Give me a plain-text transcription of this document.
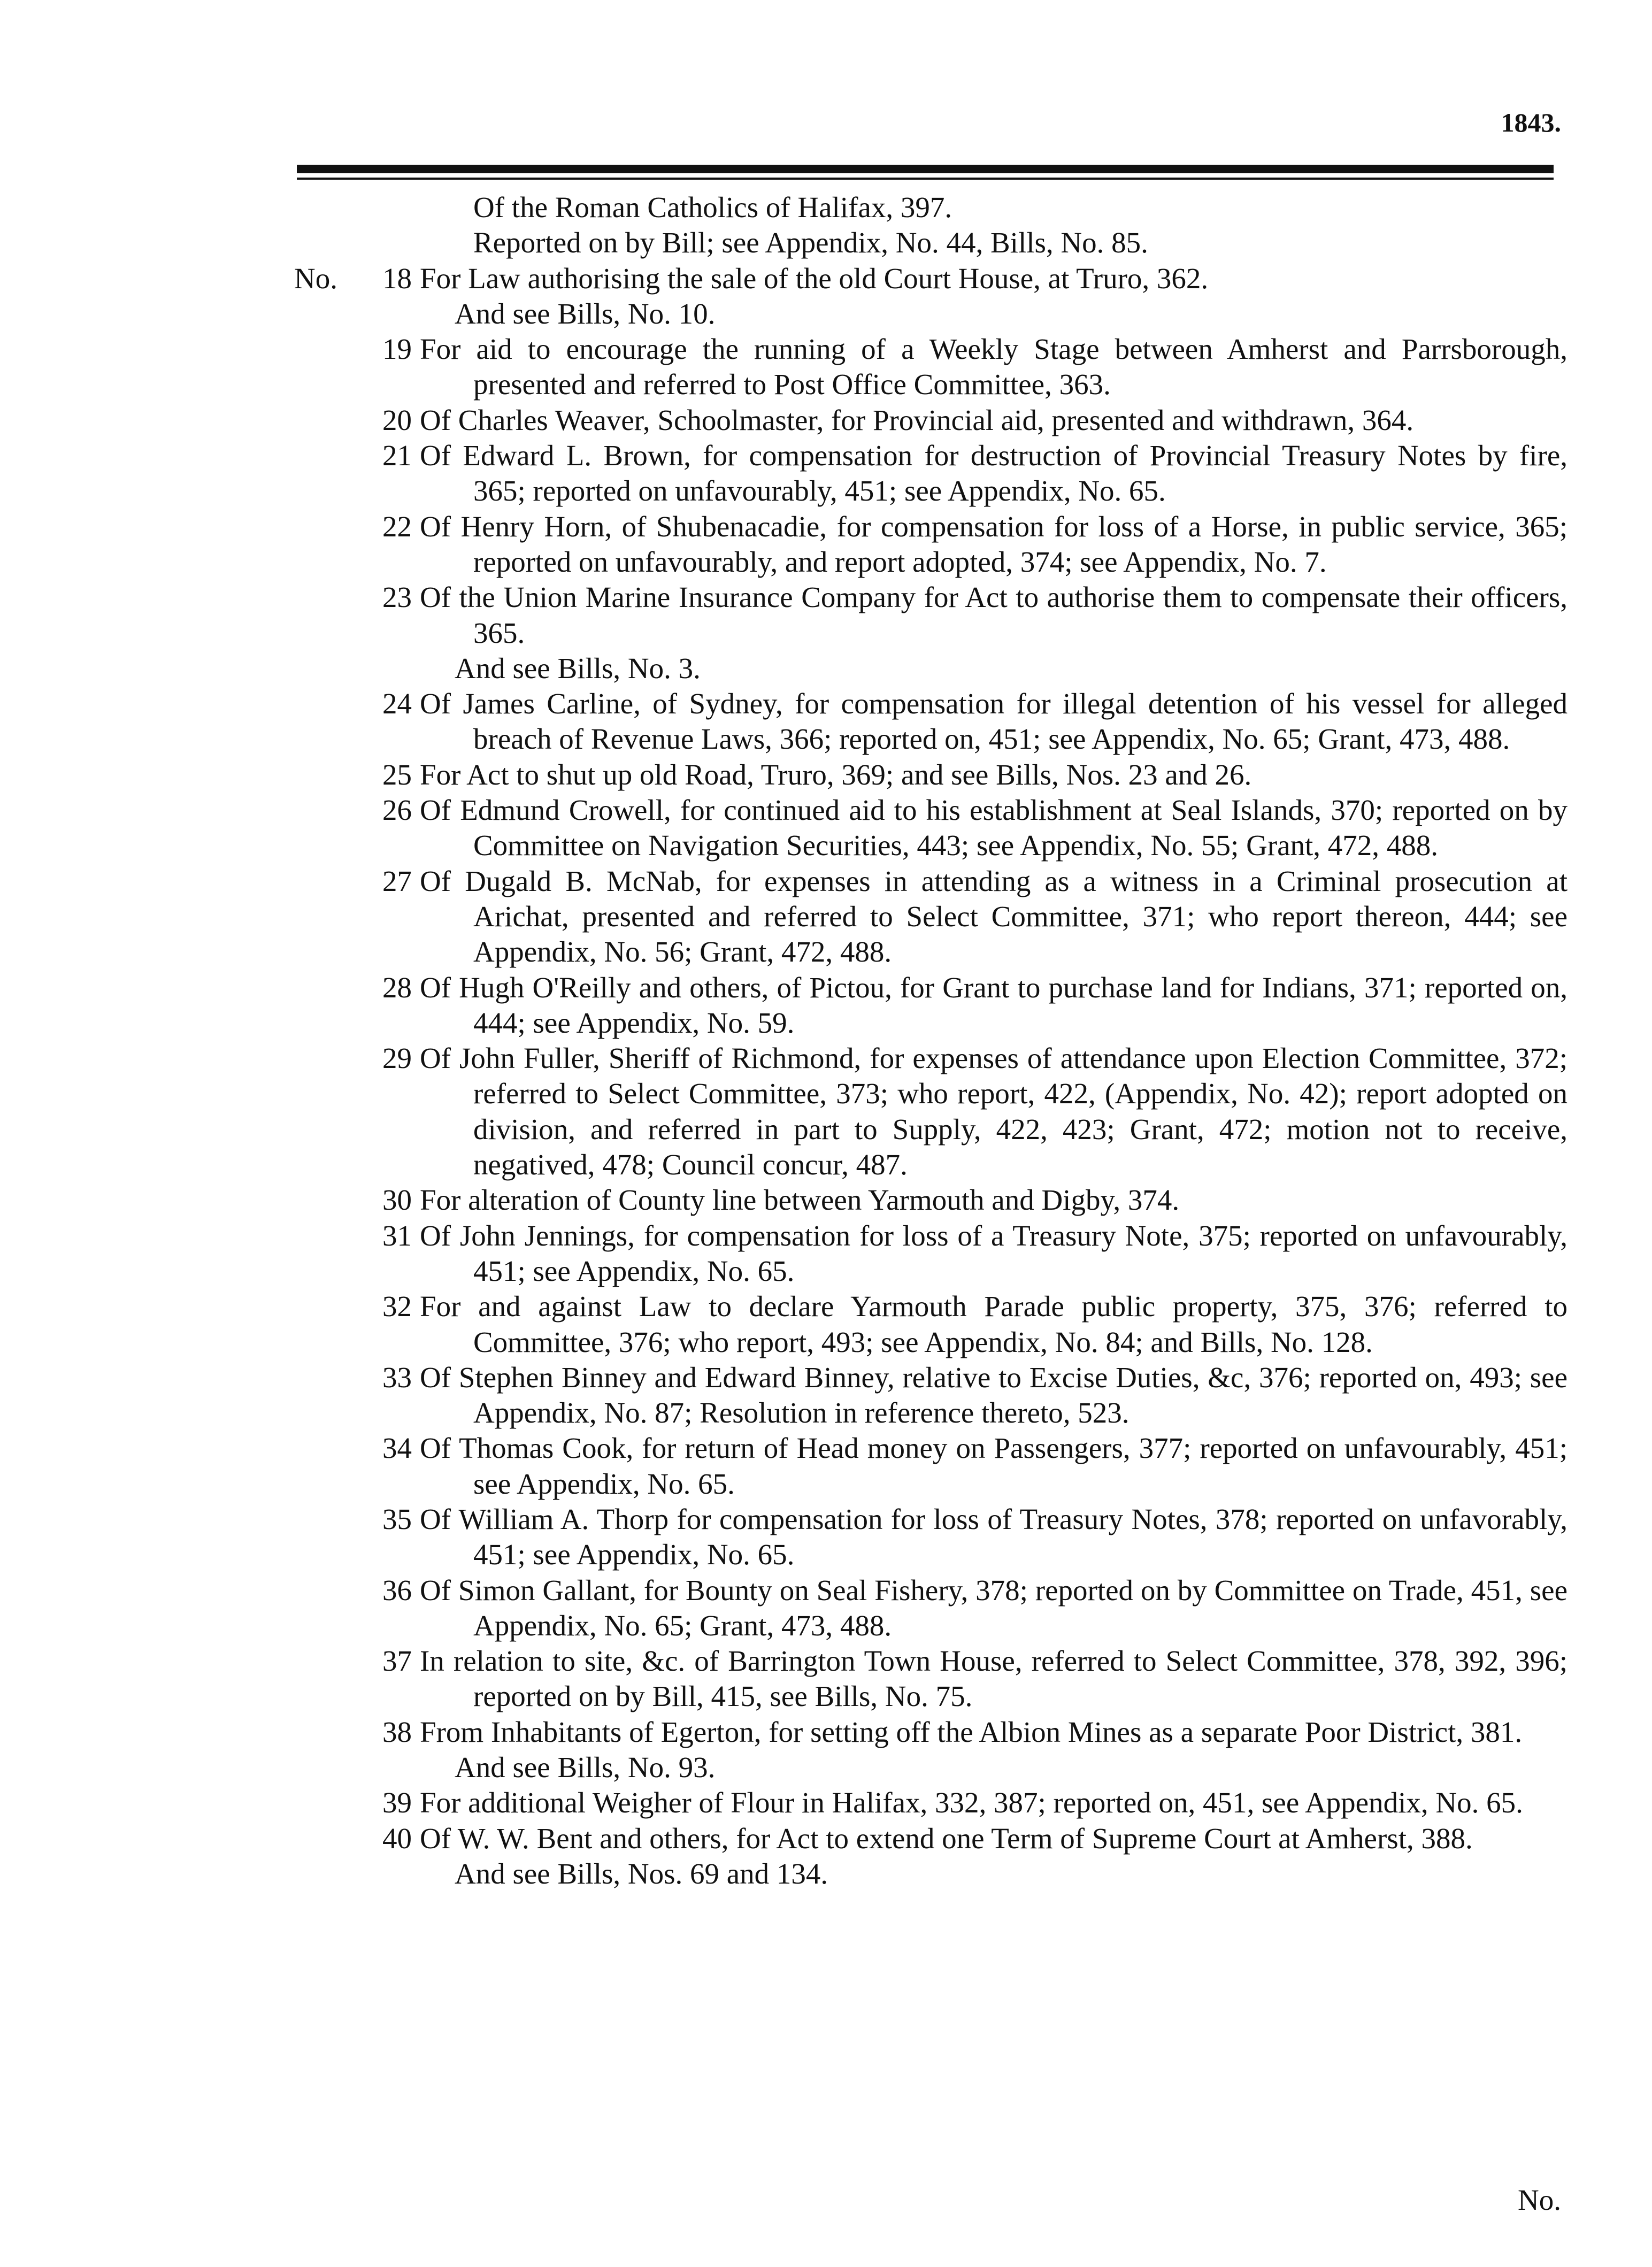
1843.
Of the Roman Catholics of Halifax, 397.
Reported on by Bill; see Appendix, No. 44, Bills, No. 85.
No.	18 For Law authorising the sale of the old Court House, at Truro, 362.
And see Bills, No. 10.
19 For aid to encourage the running of a Weekly Stage between Amherst and Parrsborough, presented and referred to Post Office Committee, 363.
20 Of Charles Weaver, Schoolmaster, for Provincial aid, presented and withdrawn, 364.
21 Of Edward L. Brown, for compensation for destruction of Provincial Treasury Notes by fire, 365; reported on unfavourably, 451; see Appendix, No. 65.
22 Of Henry Horn, of Shubenacadie, for compensation for loss of a Horse, in public service, 365; reported on unfavourably, and report adopted, 374; see Appendix, No. 7.
23 Of the Union Marine Insurance Company for Act to authorise them to compensate their officers, 365.
And see Bills, No. 3.
24 Of James Carline, of Sydney, for compensation for illegal detention of his vessel for alleged breach of Revenue Laws, 366; reported on, 451; see Appendix, No. 65; Grant, 473, 488.
25 For Act to shut up old Road, Truro, 369; and see Bills, Nos. 23 and 26.
26 Of Edmund Crowell, for continued aid to his establishment at Seal Islands, 370; reported on by Committee on Navigation Securities, 443; see Appendix, No. 55; Grant, 472, 488.
27 Of Dugald B. McNab, for expenses in attending as a witness in a Criminal prosecution at Arichat, presented and referred to Select Committee, 371; who report thereon, 444; see Appendix, No. 56; Grant, 472, 488.
28 Of Hugh O'Reilly and others, of Pictou, for Grant to purchase land for Indians, 371; reported on, 444; see Appendix, No. 59.
29 Of John Fuller, Sheriff of Richmond, for expenses of attendance upon Election Committee, 372; referred to Select Committee, 373; who report, 422, (Appendix, No. 42); report adopted on division, and referred in part to Supply, 422, 423; Grant, 472; motion not to receive, negatived, 478; Council concur, 487.
30 For alteration of County line between Yarmouth and Digby, 374.
31 Of John Jennings, for compensation for loss of a Treasury Note, 375; reported on unfavourably, 451; see Appendix, No. 65.
32 For and against Law to declare Yarmouth Parade public property, 375, 376; referred to Committee, 376; who report, 493; see Appendix, No. 84; and Bills, No. 128.
33 Of Stephen Binney and Edward Binney, relative to Excise Duties, &c, 376; reported on, 493; see Appendix, No. 87; Resolution in reference thereto, 523.
34 Of Thomas Cook, for return of Head money on Passengers, 377; reported on unfavourably, 451; see Appendix, No. 65.
35 Of William A. Thorp for compensation for loss of Treasury Notes, 378; reported on unfavorably, 451; see Appendix, No. 65.
36 Of Simon Gallant, for Bounty on Seal Fishery, 378; reported on by Committee on Trade, 451, see Appendix, No. 65; Grant, 473, 488.
37 In relation to site, &c. of Barrington Town House, referred to Select Committee, 378, 392, 396; reported on by Bill, 415, see Bills, No. 75.
38 From Inhabitants of Egerton, for setting off the Albion Mines as a separate Poor District, 381.
And see Bills, No. 93.
39 For additional Weigher of Flour in Halifax, 332, 387; reported on, 451, see Appendix, No. 65.
40 Of W. W. Bent and others, for Act to extend one Term of Supreme Court at Amherst, 388.
And see Bills, Nos. 69 and 134.
No.
